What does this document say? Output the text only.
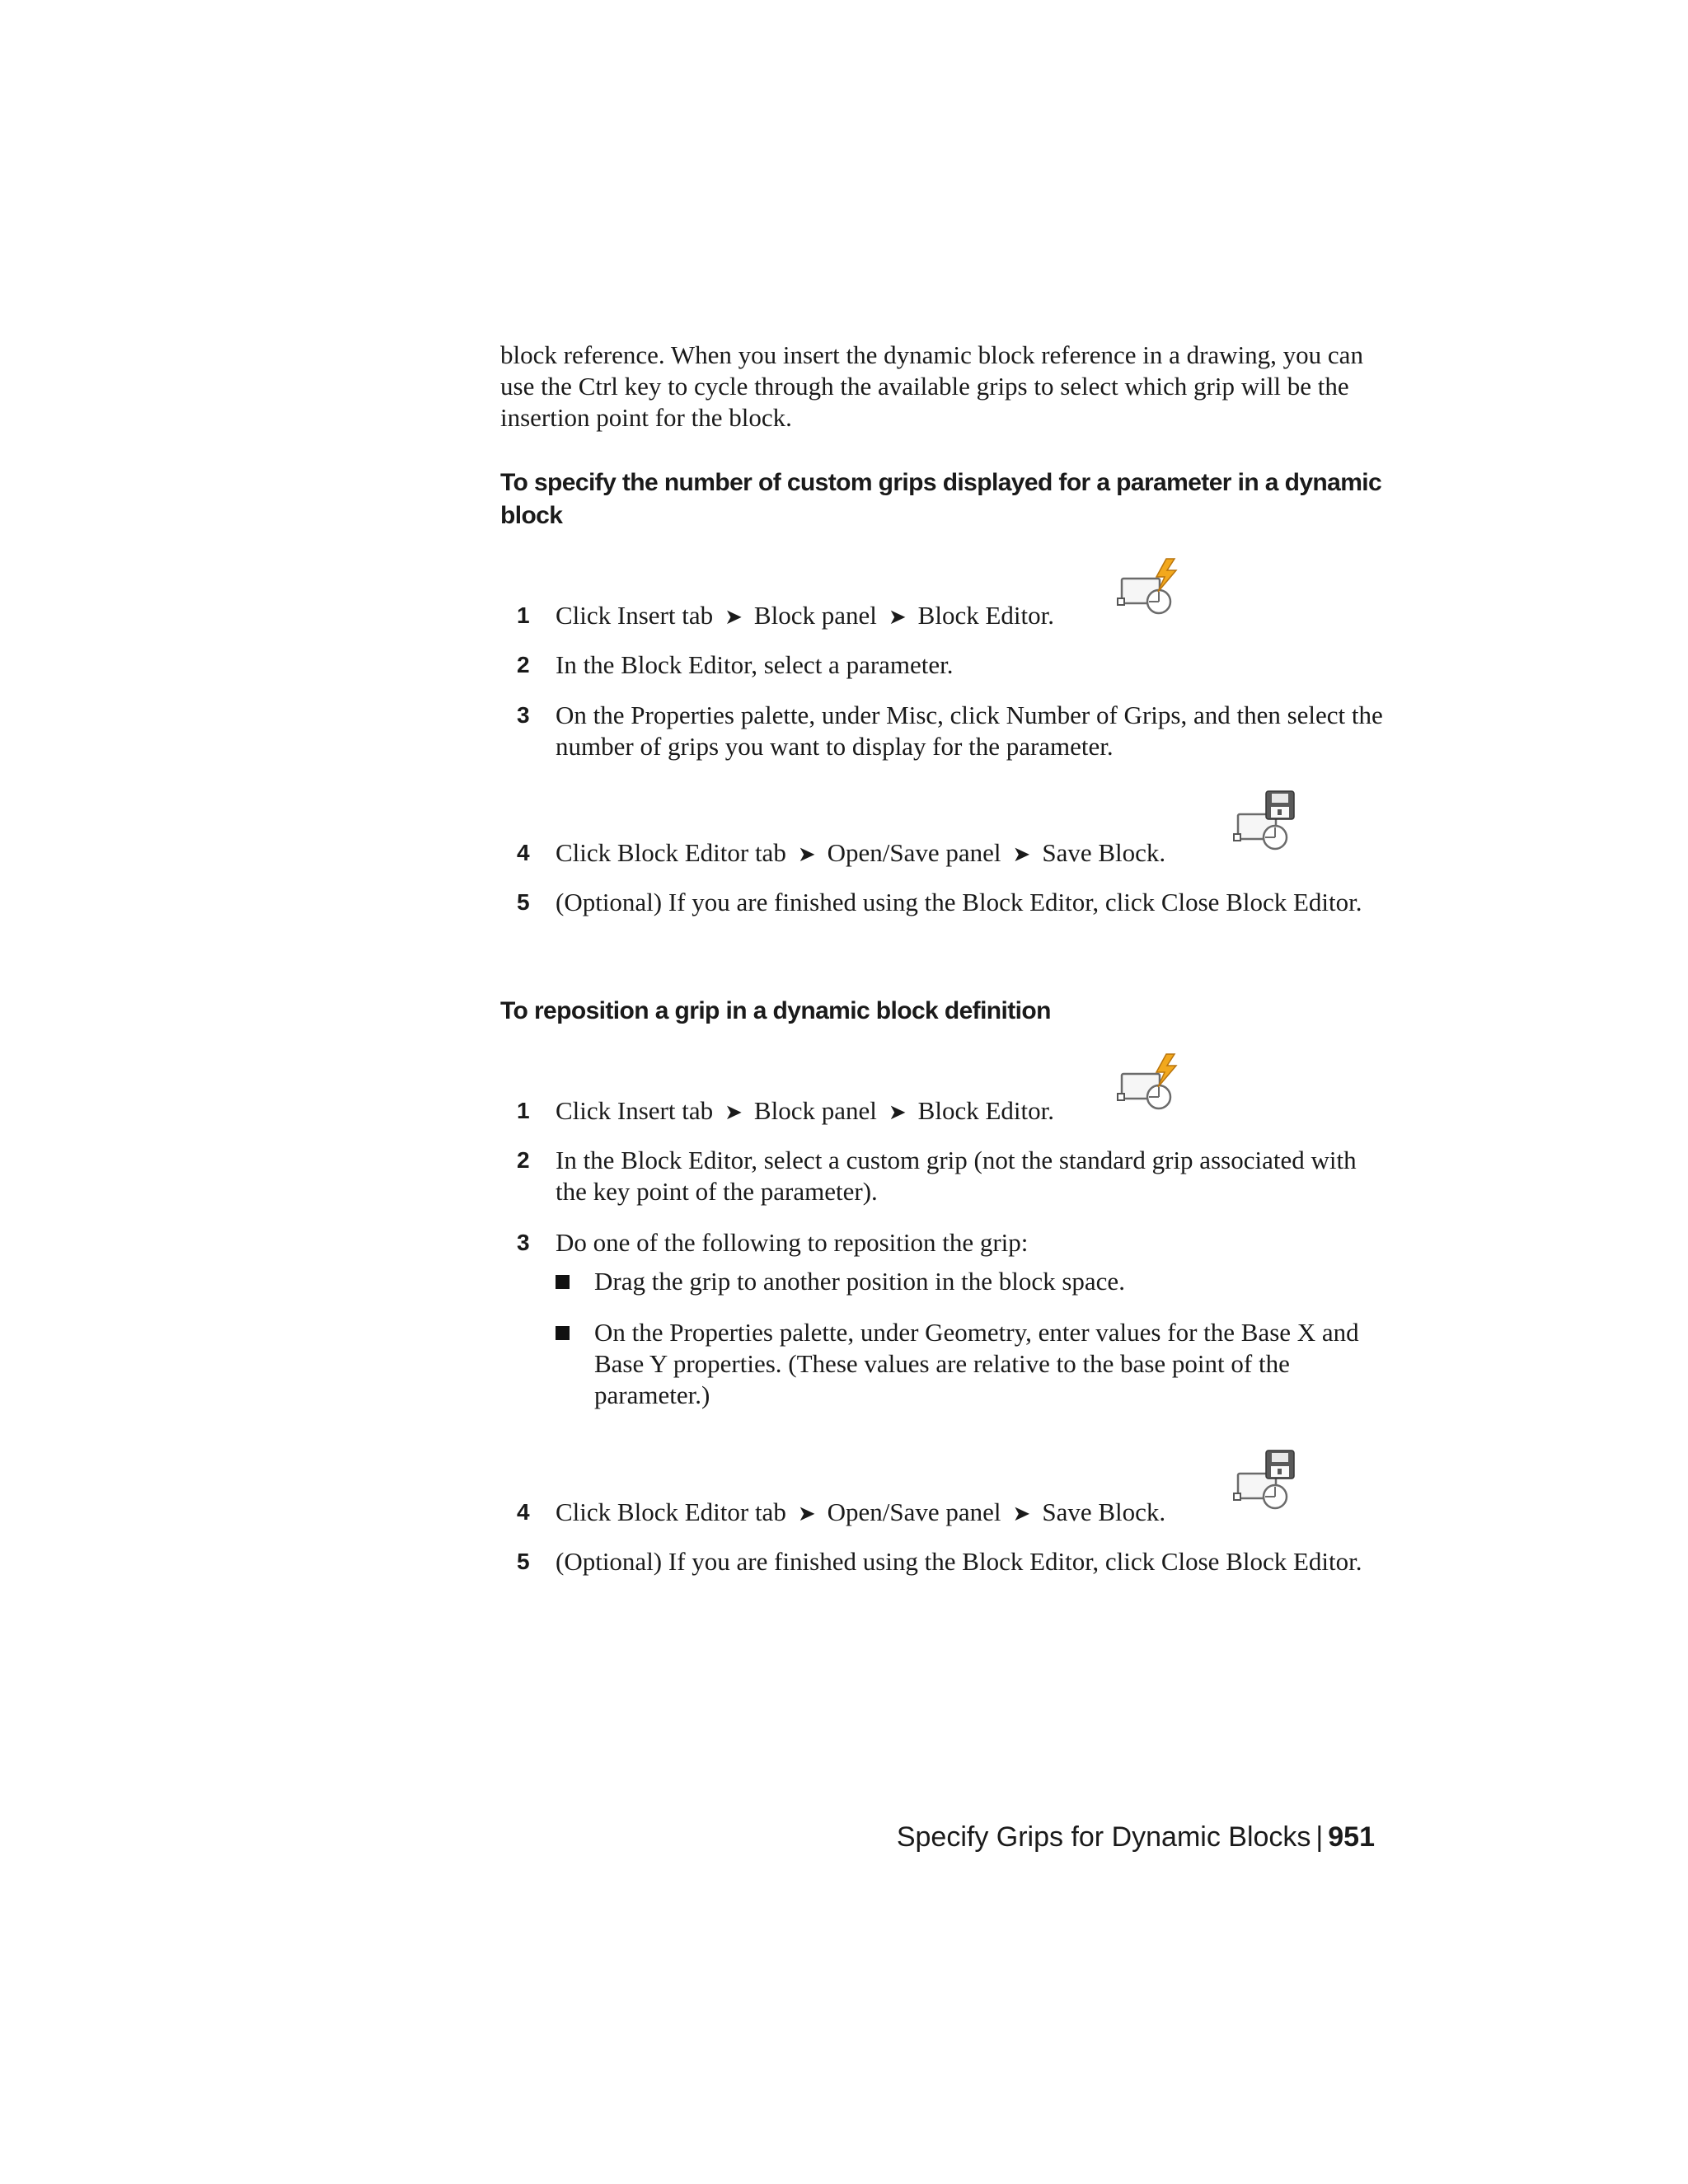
block reference. When you insert the dynamic block reference in a drawing, you can use the Ctrl key to cycle through the available grips to select which grip will be the insertion point for the block.
To specify the number of custom grips displayed for a parameter in a dynamic block
1 Click Insert tab ➤ Block panel ➤ Block Editor.
2 In the Block Editor, select a parameter.
3 On the Properties palette, under Misc, click Number of Grips, and then select the number of grips you want to display for the parameter.
4 Click Block Editor tab ➤ Open/Save panel ➤ Save Block.
5 (Optional) If you are finished using the Block Editor, click Close Block Editor.
To reposition a grip in a dynamic block definition
1 Click Insert tab ➤ Block panel ➤ Block Editor.
2 In the Block Editor, select a custom grip (not the standard grip associated with the key point of the parameter).
3 Do one of the following to reposition the grip:
Drag the grip to another position in the block space.
On the Properties palette, under Geometry, enter values for the Base X and Base Y properties. (These values are relative to the base point of the parameter.)
4 Click Block Editor tab ➤ Open/Save panel ➤ Save Block.
5 (Optional) If you are finished using the Block Editor, click Close Block Editor.
Specify Grips for Dynamic Blocks | 951
